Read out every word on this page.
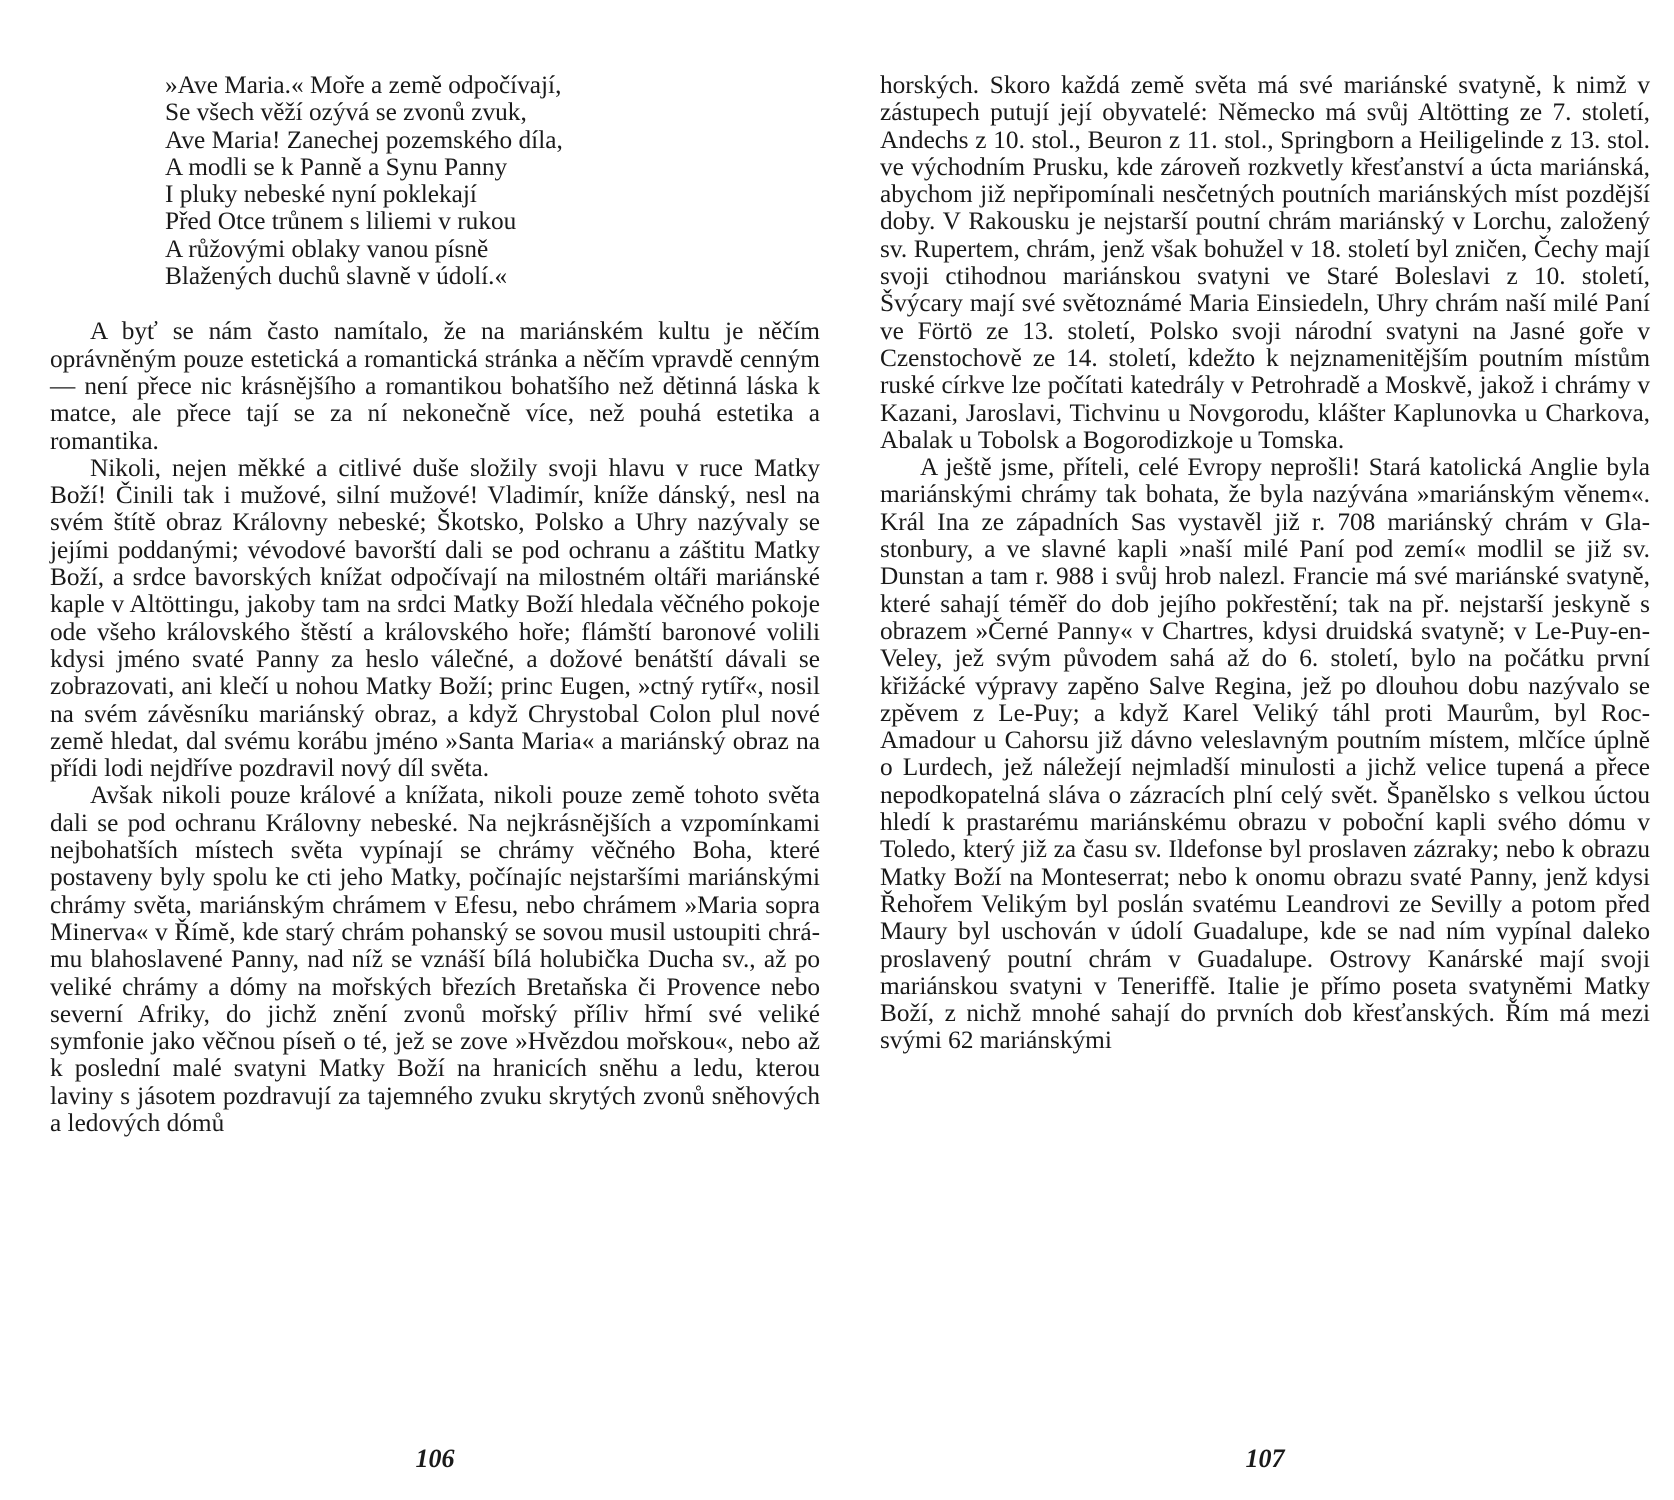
»Ave Maria.« Moře a země odpočívají,
Se všech věží ozývá se zvonů zvuk,
Ave Maria! Zanechej pozemského díla,
A modli se k Panně a Synu Panny
I pluky nebeské nyní poklekají
Před Otce trůnem s liliemi v rukou
A růžovými oblaky vanou písně
Blažených duchů slavně v údolí.«

A byť se nám často namítalo, že na mariánském kultu je něčím oprávněným pouze estetická a romantická stránka a něčím vpravdě cenným — není přece nic krásnějšího a romantikou bohatšího než dětinná láska k matce, ale přece tají se za ní nekonečně více, než pouhá estetika a romantika.

Nikoli, nejen měkké a citlivé duše složily svoji hlavu v ruce Matky Boží! Činili tak i mužové, silní mužové! Vladimír, kníže dánský, nesl na svém štítě obraz Královny nebeské; Škotsko, Polsko a Uhry nazývaly se jejími poddanými; vévodové bavorští dali se pod ochranu a záštitu Matky Boží, a srdce bavorských knížat odpočívají na milostném oltáři mariánské kaple v Altöttingu, jakoby tam na srdci Matky Boží hledala věčného pokoje ode všeho královského štěstí a královského hoře; flámští baronové volili kdysi jméno svaté Panny za heslo válečné, a dožové benátští dávali se zobrazovati, ani klečí u nohou Matky Boží; princ Eugen, »ctný rytíř«, nosil na svém závěsníku mariánský obraz, a když Chrystobal Colon plul nové země hledat, dal svému korábu jméno »Santa Maria« a mariánský obraz na přídi lodi nejdříve pozdravil nový díl světa.

Avšak nikoli pouze králové a knížata, nikoli pouze země tohoto světa dali se pod ochranu Královny nebeské. Na nejkrásnějších a vzpomínkami nejbohatších místech světa vypínají se chrámy věčného Boha, které postaveny byly spolu ke cti jeho Matky, počínajíc nejstaršími mariánskými chrámy světa, mariánským chrámem v Efesu, nebo chrámem »Maria sopra Minerva« v Římě, kde starý chrám pohanský se sovou musil ustoupiti chrámu blahoslavené Panny, nad níž se vznáší bílá holubička Ducha sv., až po veliké chrámy a dómy na mořských březích Bretaňska či Provence nebo severní Afriky, do jichž znění zvonů mořský příliv hřmí své veliké symfonie jako věčnou píseň o té, jež se zove »Hvězdou mořskou«, nebo až k poslední malé svatyni Matky Boží na hranicích sněhu a ledu, kterou laviny s jásotem pozdravují za tajemného zvuku skrytých zvonů sněhových a ledových dómů

106

horských. Skoro každá země světa má své mariánské svatyně, k nimž v zástupech putují její obyvatelé: Německo má svůj Altötting ze 7. století, Andechs z 10. stol., Beuron z 11. stol., Springborn a Heiligelinde z 13. stol. ve východním Prusku, kde zároveň rozkvetly křesťanství a úcta mariánská, abychom již nepřipomínali nesčetných poutních mariánských míst pozdější doby. V Rakousku je nejstarší poutní chrám mariánský v Lorchu, založený sv. Rupertem, chrám, jenž však bohužel v 18. století byl zničen, Čechy mají svoji ctihodnou mariánskou svatyni ve Staré Boleslavi z 10. století, Švýcary mají své světoznámé Maria Einsiedeln, Uhry chrám naší milé Paní ve Förtö ze 13. století, Polsko svoji národní svatyni na Jasné goře v Czenstochově ze 14. století, kdežto k nejznamenitějším poutním místům ruské církve lze počítati katedrály v Petrohradě a Moskvě, jakož i chrámy v Kazani, Jaroslavi, Tichvinu u Novgorodu, klášter Kaplunovka u Charkova, Abalak u Tobolsk a Bogorodizkoje u Tomska.

A ještě jsme, příteli, celé Evropy neprošli! Stará katolická Anglie byla mariánskými chrámy tak bohata, že byla nazývána »mariánským věnem«. Král Ina ze západních Sas vystavěl již r. 708 mariánský chrám v Glastonbury, a ve slavné kapli »naší milé Paní pod zemí« modlil se již sv. Dunstan a tam r. 988 i svůj hrob nalezl. Francie má své mariánské svatyně, které sahají téměř do dob jejího pokřestění; tak na př. nejstarší jeskyně s obrazem »Černé Panny« v Chartres, kdysi druidská svatyně; v Le-Puy-en-Veley, jež svým původem sahá až do 6. století, bylo na počátku první křižácké výpravy zapěno Salve Regina, jež po dlouhou dobu nazývalo se zpěvem z Le-Puy; a když Karel Veliký táhl proti Maurům, byl Roc-Amadour u Cahorsu již dávno veleslavným poutním místem, mlčíce úplně o Lurdech, jež náležejí nejmladší minulosti a jichž velice tupená a přece nepodkopatelná sláva o zázracích plní celý svět. Španělsko s velkou úctou hledí k prastarému mariánskému obrazu v poboční kapli svého dómu v Toledo, který již za času sv. Ildefonse byl proslaven zázraky; nebo k obrazu Matky Boží na Monteserrat; nebo k onomu obrazu svaté Panny, jenž kdysi Řehořem Velikým byl poslán svatému Leandrovi ze Sevilly a potom před Maury byl uschován v údolí Guadalupe, kde se nad ním vypínal daleko proslavený poutní chrám v Guadalupe. Ostrovy Kanárské mají svoji mariánskou svatyni v Teneriffě. Italie je přímo poseta svatyněmi Matky Boží, z nichž mnohé sahají do prvních dob křesťanských. Řím má mezi svými 62 mariánskými

107
